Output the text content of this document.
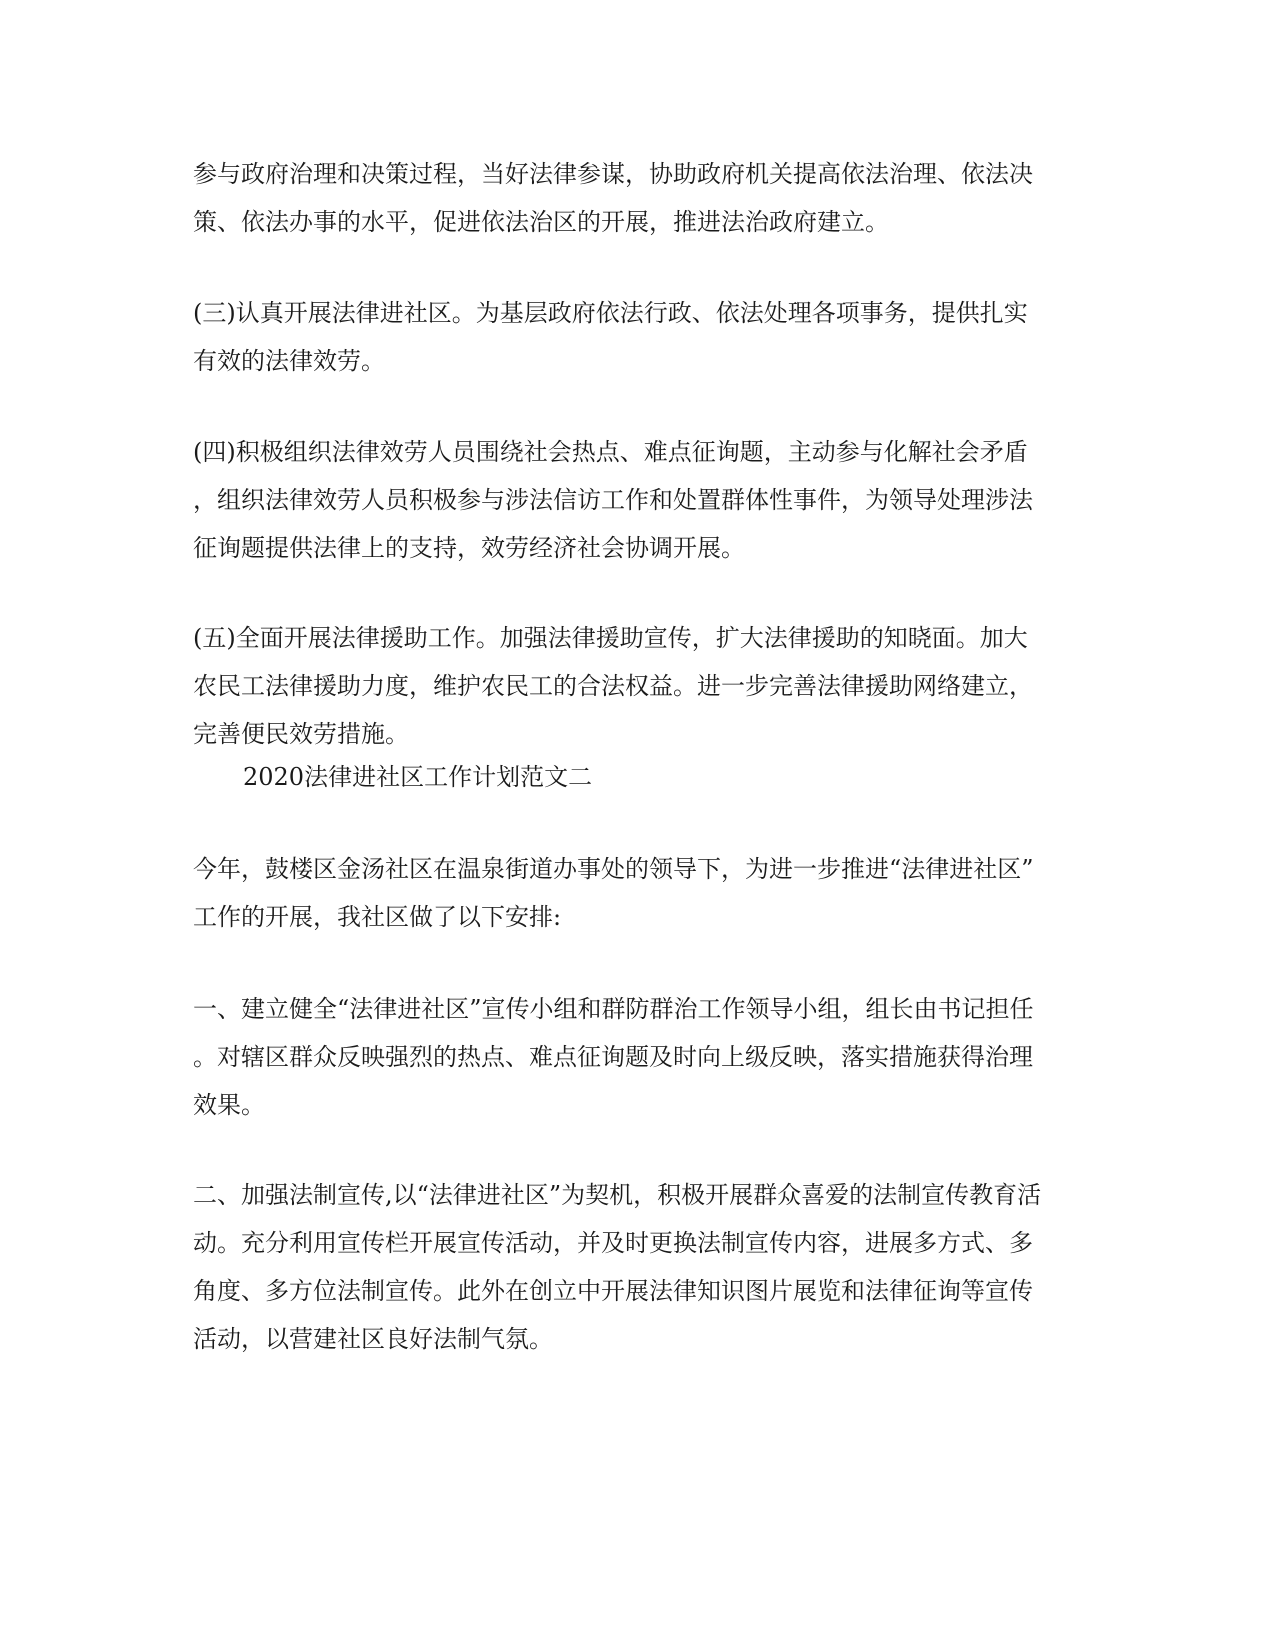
参与政府治理和决策过程，当好法律参谋，协助政府机关提高依法治理、依法决
策、依法办事的水平，促进依法治区的开展，推进法治政府建立。

(三)认真开展法律进社区。为基层政府依法行政、依法处理各项事务，提供扎实
有效的法律效劳。

(四)积极组织法律效劳人员围绕社会热点、难点征询题，主动参与化解社会矛盾
，组织法律效劳人员积极参与涉法信访工作和处置群体性事件，为领导处理涉法
征询题提供法律上的支持，效劳经济社会协调开展。

(五)全面开展法律援助工作。加强法律援助宣传，扩大法律援助的知晓面。加大
农民工法律援助力度，维护农民工的合法权益。进一步完善法律援助网络建立，
完善便民效劳措施。

2020法律进社区工作计划范文二

今年，鼓楼区金汤社区在温泉街道办事处的领导下，为进一步推进“法律进社区”
工作的开展，我社区做了以下安排:

一、建立健全“法律进社区”宣传小组和群防群治工作领导小组，组长由书记担任
。对辖区群众反映强烈的热点、难点征询题及时向上级反映，落实措施获得治理
效果。

二、加强法制宣传,以“法律进社区”为契机，积极开展群众喜爱的法制宣传教育活
动。充分利用宣传栏开展宣传活动，并及时更换法制宣传内容，进展多方式、多
角度、多方位法制宣传。此外在创立中开展法律知识图片展览和法律征询等宣传
活动，以营建社区良好法制气氛。
